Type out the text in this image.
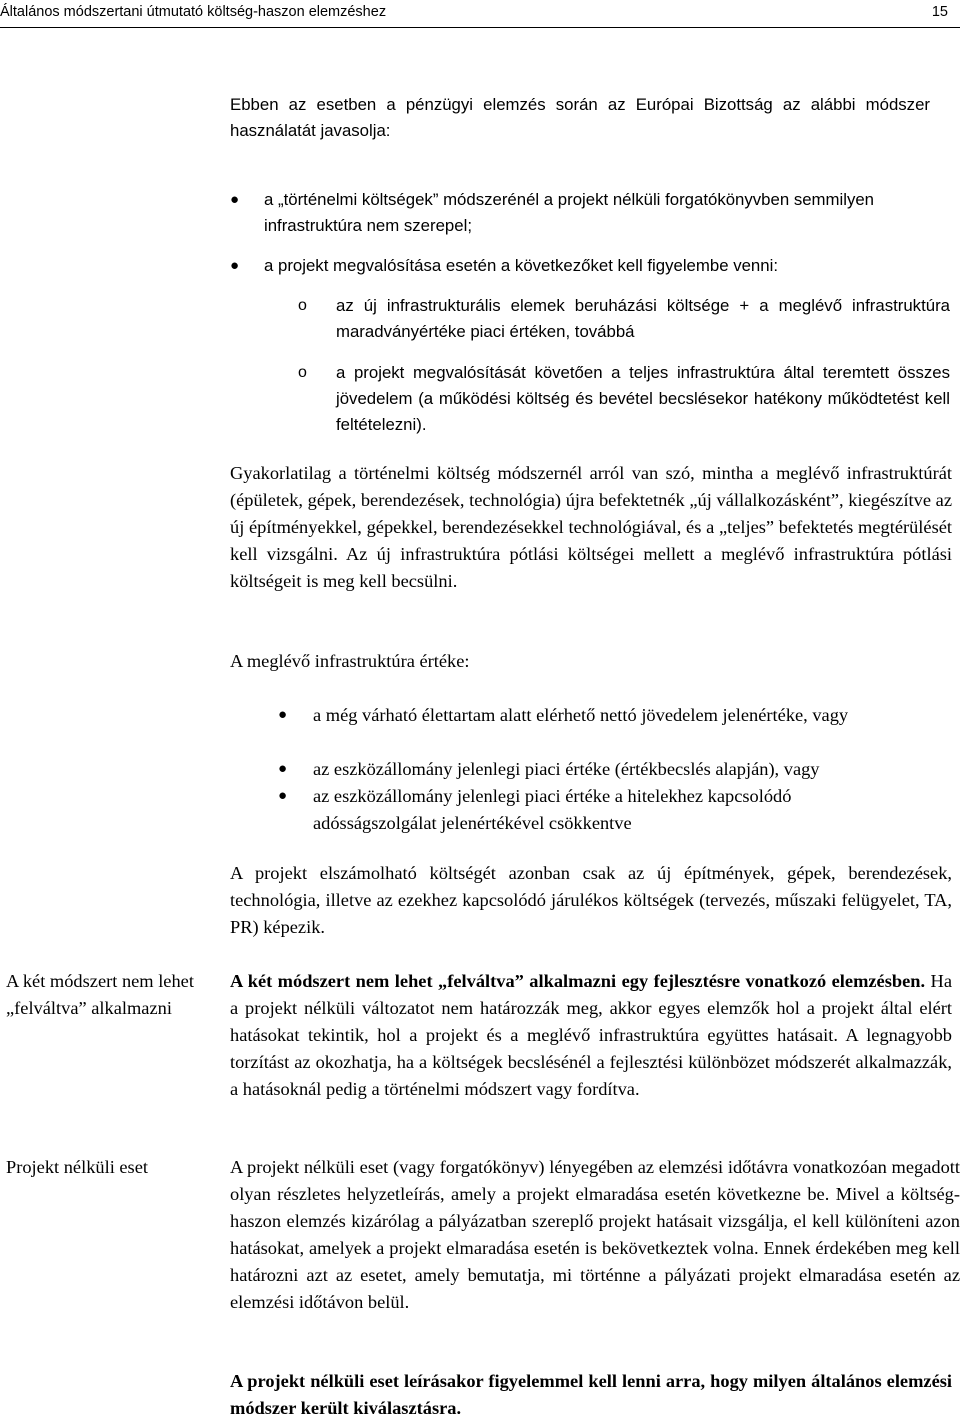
Általános módszertani útmutató költség-haszon elemzéshez	15
Ebben az esetben a pénzügyi elemzés során az Európai Bizottság az alábbi módszer használatát javasolja:
● a „történelmi költségek” módszerénél a projekt nélküli forgatókönyvben semmilyen infrastruktúra nem szerepel;
● a projekt megvalósítása esetén a következőket kell figyelembe venni:
o az új infrastrukturális elemek beruházási költsége + a meglévő infrastruktúra maradványértéke piaci értéken, továbbá
o a projekt megvalósítását követően a teljes infrastruktúra által teremtett összes jövedelem (a működési költség és bevétel becslésekor hatékony működtetést kell feltételezni).
Gyakorlatilag a történelmi költség módszernél arról van szó, mintha a meglévő infrastruktúrát (épületek, gépek, berendezések, technológia) újra befektetnék „új vállalkozásként”, kiegészítve az új építményekkel, gépekkel, berendezésekkel technológiával, és a „teljes” befektetés megtérülését kell vizsgálni. Az új infrastruktúra pótlási költségei mellett a meglévő infrastruktúra pótlási költségeit is meg kell becsülni.
A meglévő infrastruktúra értéke:
● a még várható élettartam alatt elérhető nettó jövedelem jelenértéke, vagy
● az eszközállomány jelenlegi piaci értéke (értékbecslés alapján), vagy
● az eszközállomány jelenlegi piaci értéke a hitelekhez kapcsolódó adósságszolgálat jelenértékével csökkentve
A projekt elszámolható költségét azonban csak az új építmények, gépek, berendezések, technológia, illetve az ezekhez kapcsolódó járulékos költségek (tervezés, műszaki felügyelet, TA, PR) képezik.
A két módszert nem lehet „felváltva” alkalmazni
Projekt nélküli eset
A két módszert nem lehet „felváltva” alkalmazni egy fejlesztésre vonatkozó elemzésben. Ha a projekt nélküli változatot nem határozzák meg, akkor egyes elemzők hol a projekt által elért hatásokat tekintik, hol a projekt és a meglévő infrastruktúra együttes hatásait. A legnagyobb torzítást az okozhatja, ha a költségek becslésénél a fejlesztési különbözet módszerét alkalmazzák, a hatásoknál pedig a történelmi módszert vagy fordítva.
A projekt nélküli eset (vagy forgatókönyv) lényegében az elemzési időtávra vonatkozóan megadott olyan részletes helyzetleírás, amely a projekt elmaradása esetén következne be. Mivel a költség-haszon elemzés kizárólag a pályázatban szereplő projekt hatásait vizsgálja, el kell különíteni azon hatásokat, amelyek a projekt elmaradása esetén is bekövetkeztek volna. Ennek érdekében meg kell határozni azt az esetet, amely bemutatja, mi történne a pályázati projekt elmaradása esetén az elemzési időtávon belül.
A projekt nélküli eset leírásakor figyelemmel kell lenni arra, hogy milyen általános elemzési módszer került kiválasztásra.
